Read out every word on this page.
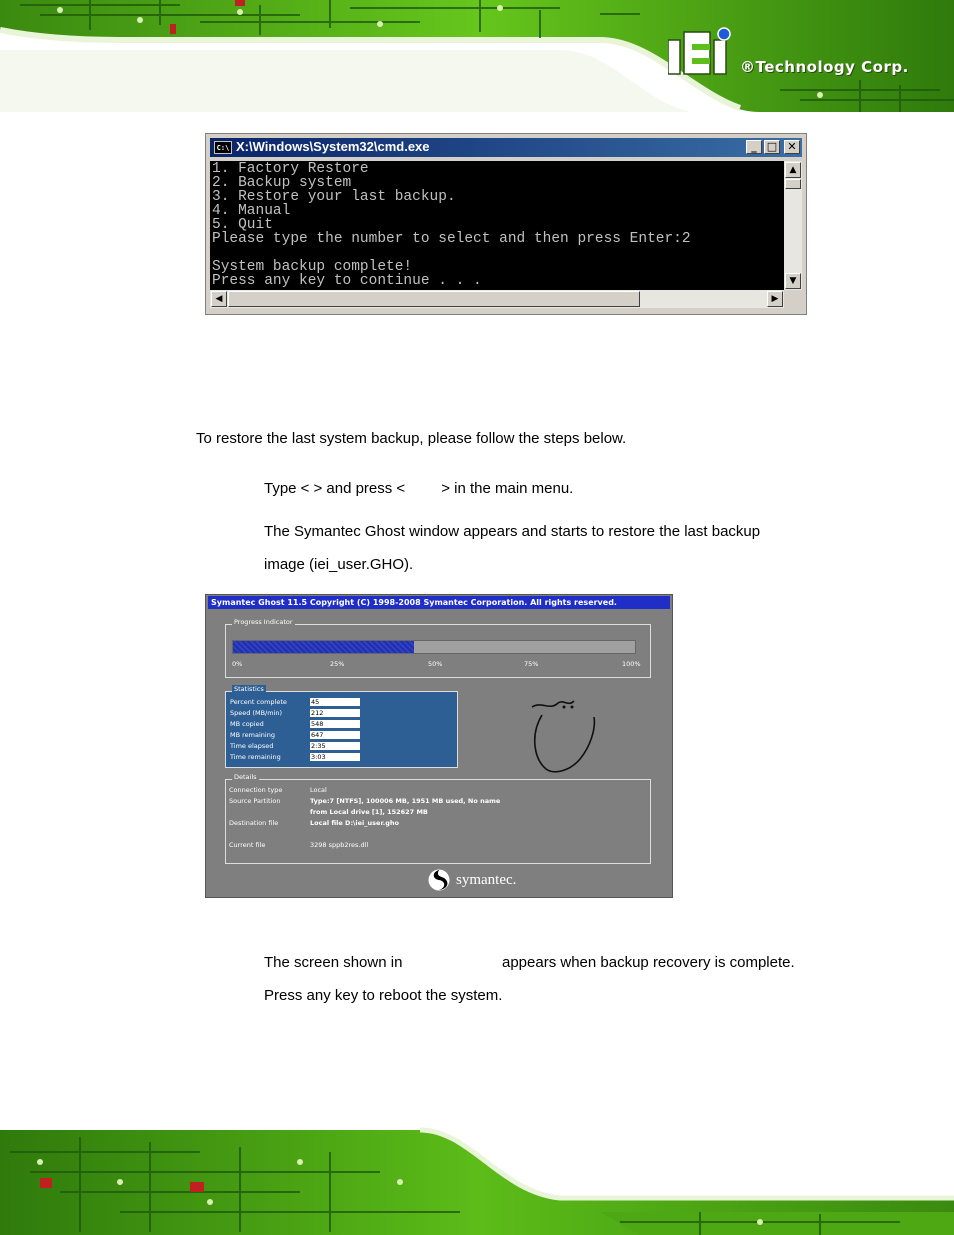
®Technology Corp.
C:\ X:\Windows\System32\cmd.exe	_ □ ✕
1. Factory Restore
2. Backup system
3. Restore your last backup.
4. Manual
5. Quit
Please type the number to select and then press Enter:2
System backup complete!
Press any key to continue . . .
▲
▼
◀	▶
To restore the last system backup, please follow the steps below.
Type < > and press < > in the main menu.
The Symantec Ghost window appears and starts to restore the last backup
image (iei_user.GHO).
Symantec Ghost 11.5 Copyright (C) 1998-2008 Symantec Corporation. All rights reserved.
Progress Indicator
0%	25%	50%	75%	100%
Statistics
Percent complete	45
Speed (MB/min)	212
MB copied	548
MB remaining	647
Time elapsed	2:35
Time remaining	3:03
Details
Connection type	Local
Source Partition	Type:7 [NTFS], 100006 MB, 1951 MB used, No name
from Local drive [1], 152627 MB
Destination file	Local file D:\iei_user.gho
Current file	3298 sppb2res.dll
symantec.
The screen shown in	appears when backup recovery is complete.
Press any key to reboot the system.
